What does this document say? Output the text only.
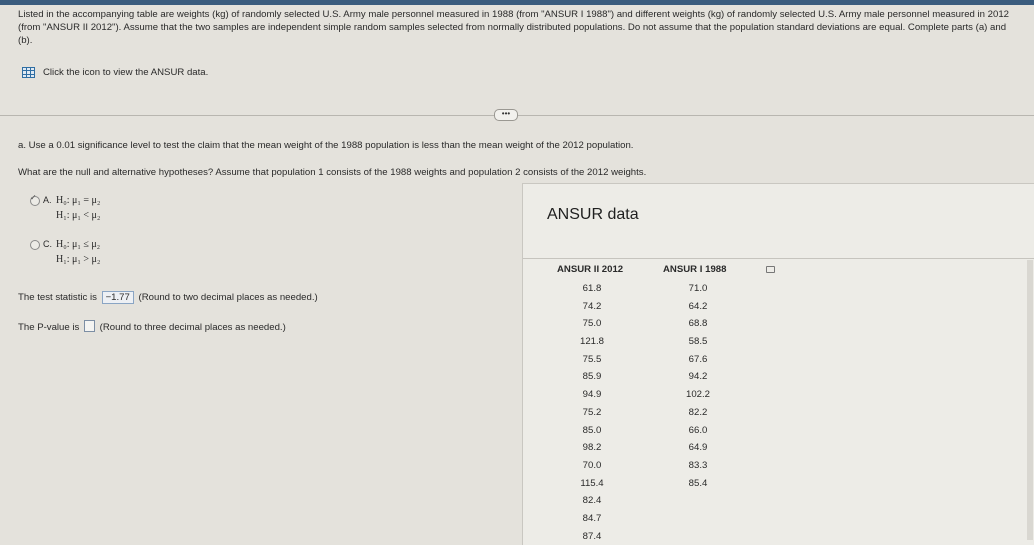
Listed in the accompanying table are weights (kg) of randomly selected U.S. Army male personnel measured in 1988 (from "ANSUR I 1988") and different weights (kg) of randomly selected U.S. Army male personnel measured in 2012 (from "ANSUR II 2012"). Assume that the two samples are independent simple random samples selected from normally distributed populations. Do not assume that the population standard deviations are equal. Complete parts (a) and (b).
Click the icon to view the ANSUR data.
•••
a. Use a 0.01 significance level to test the claim that the mean weight of the 1988 population is less than the mean weight of the 2012 population.
What are the null and alternative hypotheses? Assume that population 1 consists of the 1988 weights and population 2 consists of the 2012 weights.
A. H₀: μ₁ = μ₂
H₁: μ₁ < μ₂
✓
C. H₀: μ₁ ≤ μ₂
H₁: μ₁ > μ₂
The test statistic is −1.77 (Round to two decimal places as needed.)
The P-value is (Round to three decimal places as needed.)
ANSUR data
ANSUR II 2012	ANSUR I 1988
61.8
74.2
75.0
121.8
75.5
85.9
94.9
75.2
85.0
98.2
70.0
115.4
82.4
84.7
87.4
71.0
64.2
68.8
58.5
67.6
94.2
102.2
82.2
66.0
64.9
83.3
85.4
